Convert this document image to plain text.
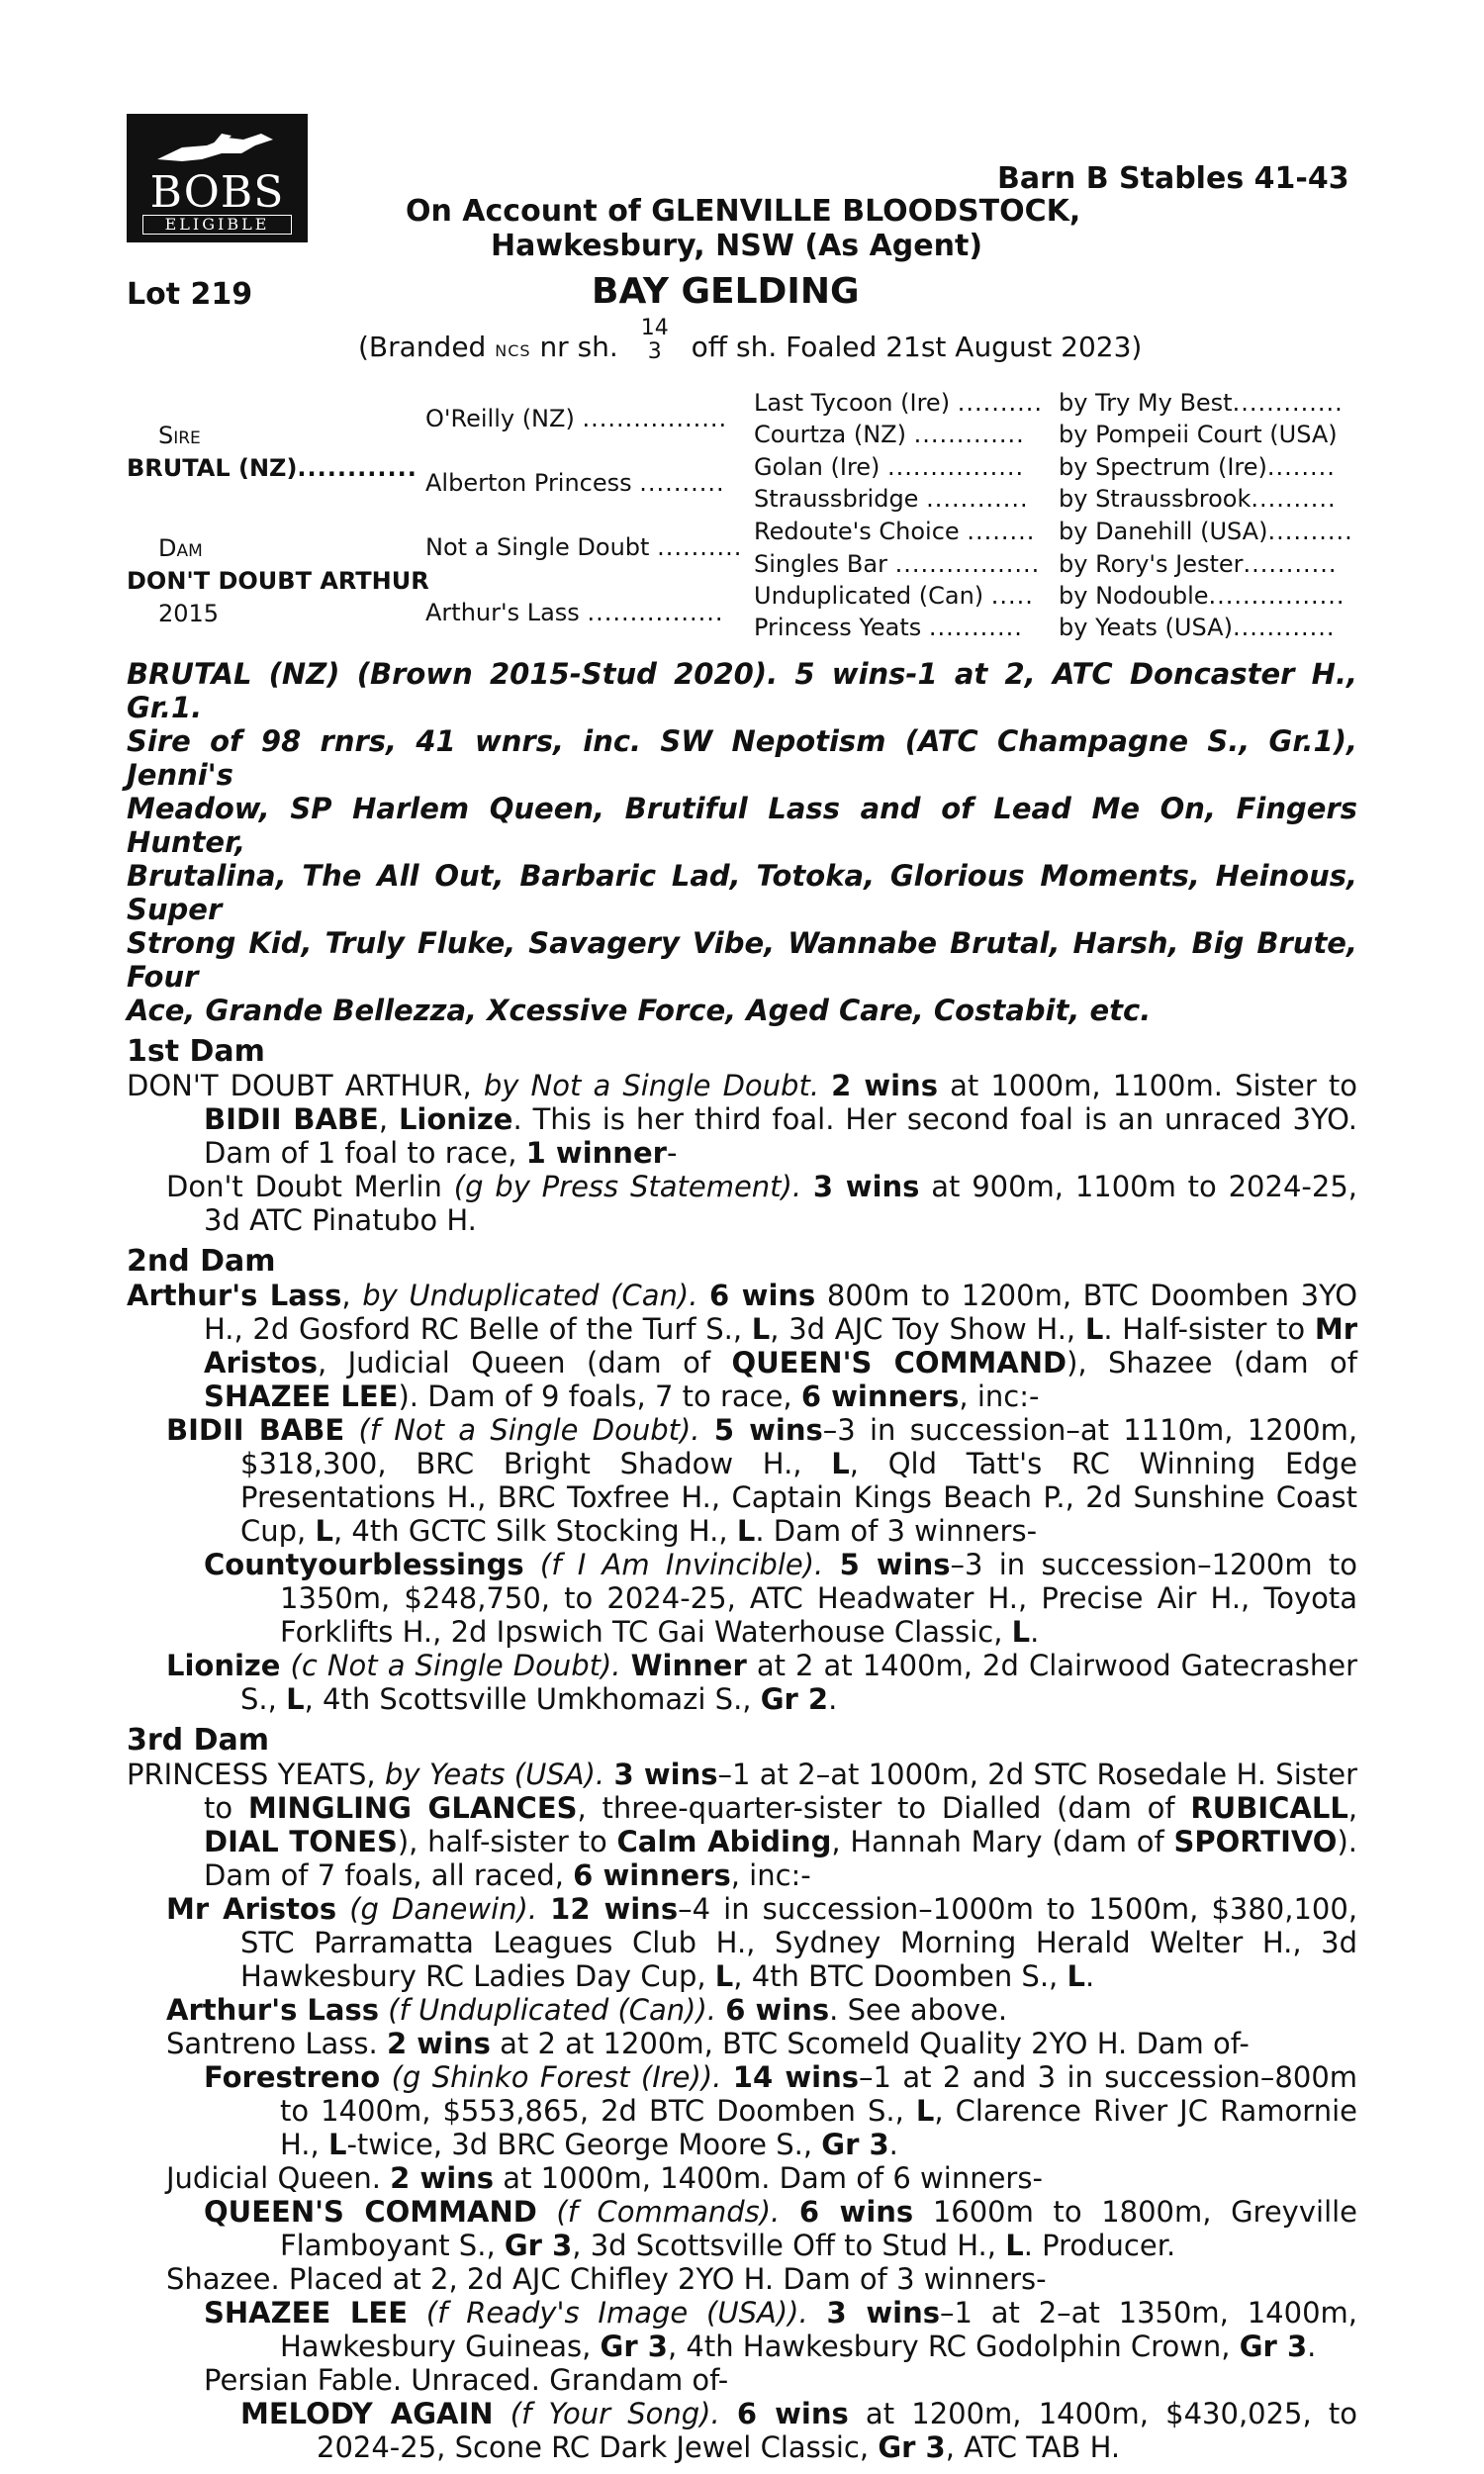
BOBS
ELIGIBLE
Barn B Stables 41-43
On Account of GLENVILLE BLOODSTOCK,
Hawkesbury, NSW (As Agent)
Lot 219	BAY GELDING
(Branded NCS nr sh. 14
3 off sh. Foaled 21st August 2023)
Sire
BRUTAL (NZ)............
Dam
DON'T DOUBT ARTHUR
2015
O'Reilly (NZ) .................
Alberton Princess ..........
Not a Single Doubt ..........
Arthur's Lass ................
Last Tycoon (Ire) ..........
Courtza (NZ) .............
Golan (Ire) ................
Straussbridge ............
Redoute's Choice ........
Singles Bar .................
Unduplicated (Can) .....
Princess Yeats ...........
by Try My Best.............
by Pompeii Court (USA)
by Spectrum (Ire)........
by Straussbrook..........
by Danehill (USA)..........
by Rory's Jester...........
by Nodouble................
by Yeats (USA)............
BRUTAL (NZ) (Brown 2015-Stud 2020). 5 wins-1 at 2, ATC Doncaster H., Gr.1.
Sire of 98 rnrs, 41 wnrs, inc. SW Nepotism (ATC Champagne S., Gr.1), Jenni's
Meadow, SP Harlem Queen, Brutiful Lass and of Lead Me On, Fingers Hunter,
Brutalina, The All Out, Barbaric Lad, Totoka, Glorious Moments, Heinous, Super
Strong Kid, Truly Fluke, Savagery Vibe, Wannabe Brutal, Harsh, Big Brute, Four
Ace, Grande Bellezza, Xcessive Force, Aged Care, Costabit, etc.
1st Dam
DON'T DOUBT ARTHUR, by Not a Single Doubt. 2 wins at 1000m, 1100m. Sister to BIDII BABE, Lionize. This is her third foal. Her second foal is an unraced 3YO. Dam of 1 foal to race, 1 winner-
Don't Doubt Merlin (g by Press Statement). 3 wins at 900m, 1100m to 2024-25, 3d ATC Pinatubo H.
2nd Dam
Arthur's Lass, by Unduplicated (Can). 6 wins 800m to 1200m, BTC Doomben 3YO H., 2d Gosford RC Belle of the Turf S., L, 3d AJC Toy Show H., L. Half-sister to Mr Aristos, Judicial Queen (dam of QUEEN'S COMMAND), Shazee (dam of SHAZEE LEE). Dam of 9 foals, 7 to race, 6 winners, inc:-
BIDII BABE (f Not a Single Doubt). 5 wins–3 in succession–at 1110m, 1200m, $318,300, BRC Bright Shadow H., L, Qld Tatt's RC Winning Edge Presentations H., BRC Toxfree H., Captain Kings Beach P., 2d Sunshine Coast Cup, L, 4th GCTC Silk Stocking H., L. Dam of 3 winners-
Countyourblessings (f I Am Invincible). 5 wins–3 in succession–1200m to 1350m, $248,750, to 2024-25, ATC Headwater H., Precise Air H., Toyota Forklifts H., 2d Ipswich TC Gai Waterhouse Classic, L.
Lionize (c Not a Single Doubt). Winner at 2 at 1400m, 2d Clairwood Gatecrasher S., L, 4th Scottsville Umkhomazi S., Gr 2.
3rd Dam
PRINCESS YEATS, by Yeats (USA). 3 wins–1 at 2–at 1000m, 2d STC Rosedale H. Sister to MINGLING GLANCES, three-quarter-sister to Dialled (dam of RUBICALL, DIAL TONES), half-sister to Calm Abiding, Hannah Mary (dam of SPORTIVO). Dam of 7 foals, all raced, 6 winners, inc:-
Mr Aristos (g Danewin). 12 wins–4 in succession–1000m to 1500m, $380,100, STC Parramatta Leagues Club H., Sydney Morning Herald Welter H., 3d Hawkesbury RC Ladies Day Cup, L, 4th BTC Doomben S., L.
Arthur's Lass (f Unduplicated (Can)). 6 wins. See above.
Santreno Lass. 2 wins at 2 at 1200m, BTC Scomeld Quality 2YO H. Dam of-
Forestreno (g Shinko Forest (Ire)). 14 wins–1 at 2 and 3 in succession–800m to 1400m, $553,865, 2d BTC Doomben S., L, Clarence River JC Ramornie H., L-twice, 3d BRC George Moore S., Gr 3.
Judicial Queen. 2 wins at 1000m, 1400m. Dam of 6 winners-
QUEEN'S COMMAND (f Commands). 6 wins 1600m to 1800m, Greyville Flamboyant S., Gr 3, 3d Scottsville Off to Stud H., L. Producer.
Shazee. Placed at 2, 2d AJC Chifley 2YO H. Dam of 3 winners-
SHAZEE LEE (f Ready's Image (USA)). 3 wins–1 at 2–at 1350m, 1400m, Hawkesbury Guineas, Gr 3, 4th Hawkesbury RC Godolphin Crown, Gr 3.
Persian Fable. Unraced. Grandam of-
MELODY AGAIN (f Your Song). 6 wins at 1200m, 1400m, $430,025, to 2024-25, Scone RC Dark Jewel Classic, Gr 3, ATC TAB H.
